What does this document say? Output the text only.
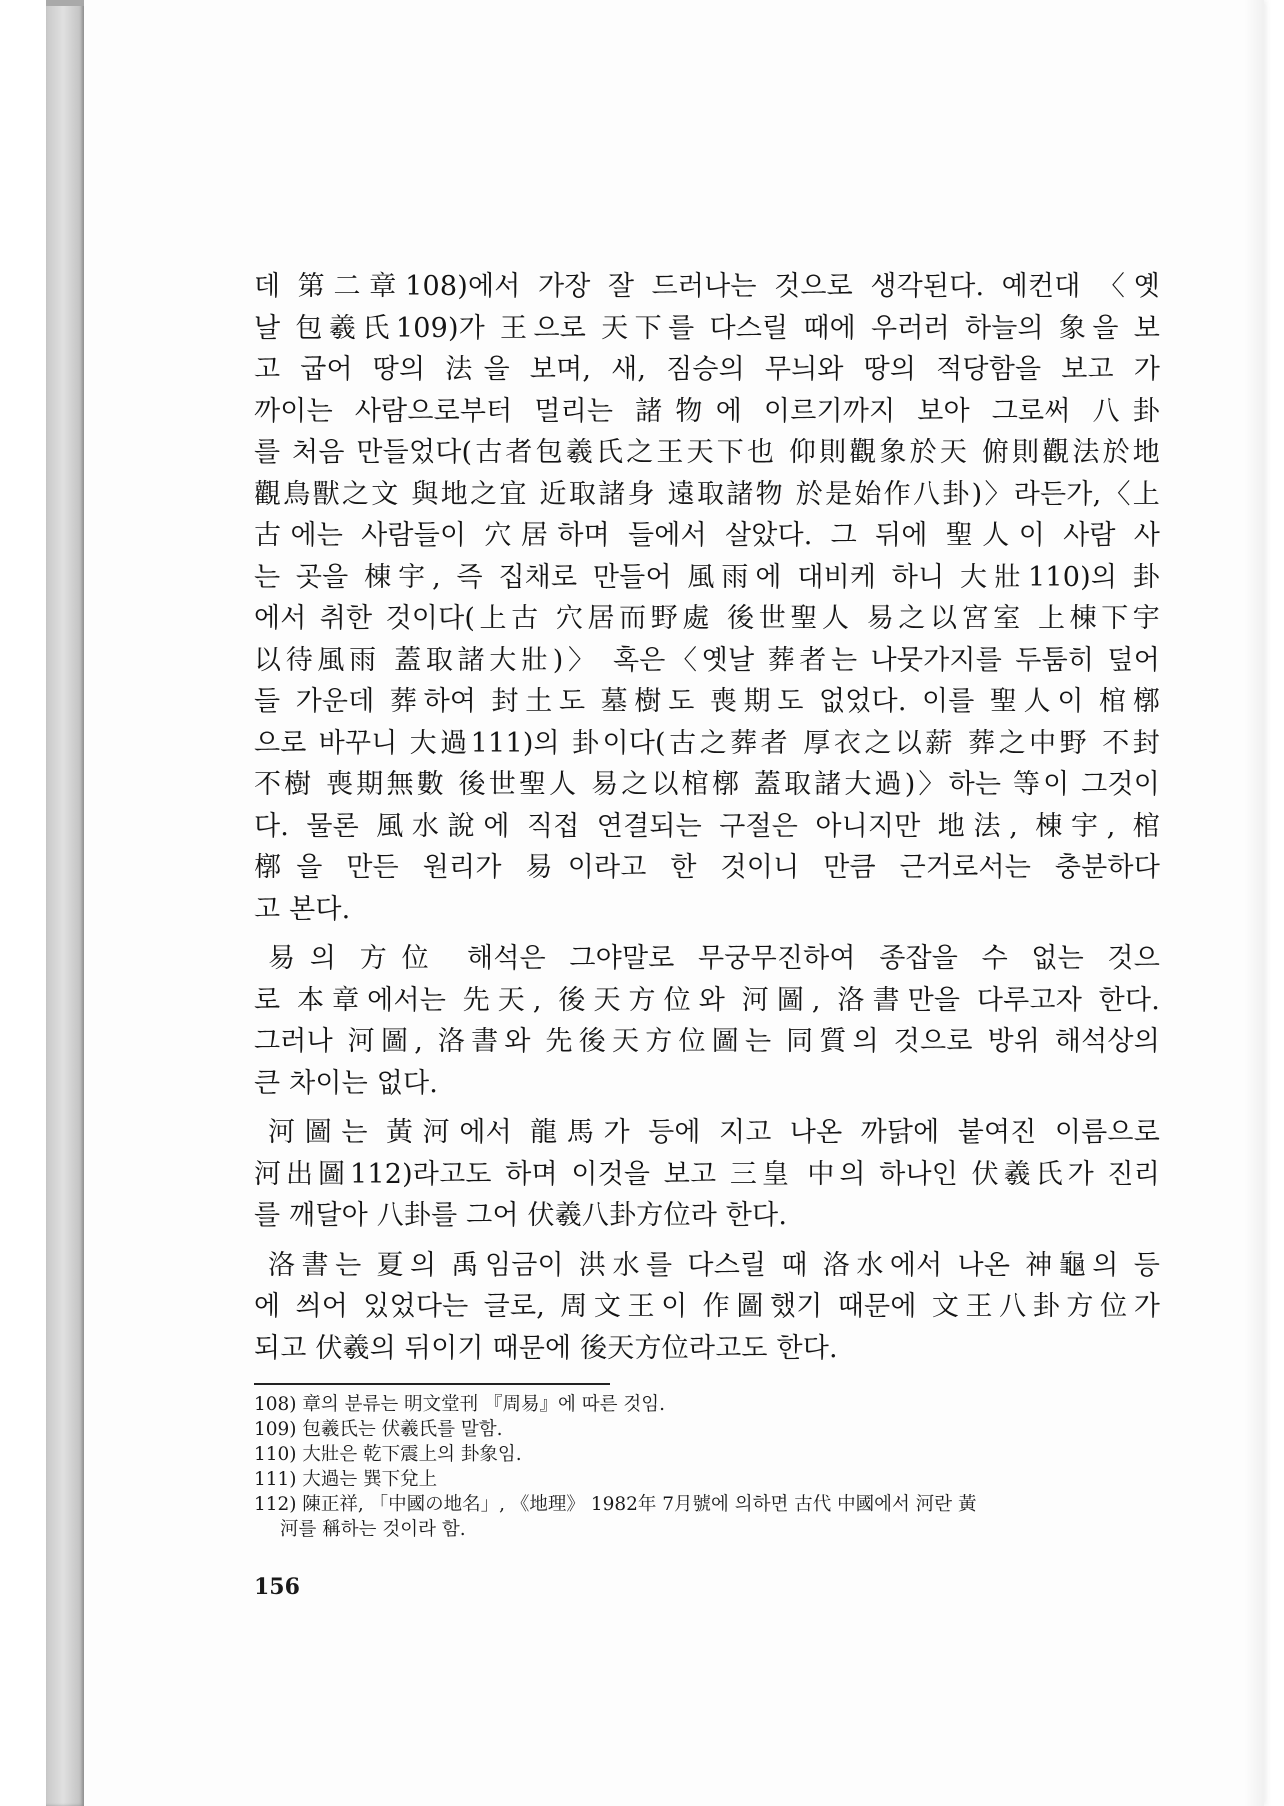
데 第二章108)에서 가장 잘 드러나는 것으로 생각된다. 예컨대 〈옛
날 包羲氏109)가 王으로 天下를 다스릴 때에 우러러 하늘의 象을 보
고 굽어 땅의 法을 보며, 새, 짐승의 무늬와 땅의 적당함을 보고 가
까이는 사람으로부터 멀리는 諸物에 이르기까지 보아 그로써 八卦
를 처음 만들었다(古者包羲氏之王天下也 仰則觀象於天 俯則觀法於地
觀鳥獸之文 與地之宜 近取諸身 遠取諸物 於是始作八卦)〉라든가,〈上
古에는 사람들이 穴居하며 들에서 살았다. 그 뒤에 聖人이 사람 사
는 곳을 棟宇, 즉 집채로 만들어 風雨에 대비케 하니 大壯110)의 卦
에서 취한 것이다(上古 穴居而野處 後世聖人 易之以宮室 上棟下宇
以待風雨 蓋取諸大壯)〉 혹은〈옛날 葬者는 나뭇가지를 두툼히 덮어
들 가운데 葬하여 封土도 墓樹도 喪期도 없었다. 이를 聖人이 棺槨
으로 바꾸니 大過111)의 卦이다(古之葬者 厚衣之以薪 葬之中野 不封
不樹 喪期無數 後世聖人 易之以棺槨 蓋取諸大過)〉하는 等이 그것이
다. 물론 風水說에 직접 연결되는 구절은 아니지만 地法, 棟宇, 棺
槨을 만든 원리가 易이라고 한 것이니 만큼 근거로서는 충분하다
고 본다.
易의 方位 해석은 그야말로 무궁무진하여 종잡을 수 없는 것으
로 本章에서는 先天, 後天方位와 河圖, 洛書만을 다루고자 한다.
그러나 河圖, 洛書와 先後天方位圖는 同質의 것으로 방위 해석상의
큰 차이는 없다.
河圖는 黃河에서 龍馬가 등에 지고 나온 까닭에 붙여진 이름으로
河出圖112)라고도 하며 이것을 보고 三皇 中의 하나인 伏羲氏가 진리
를 깨달아 八卦를 그어 伏羲八卦方位라 한다.
洛書는 夏의 禹임금이 洪水를 다스릴 때 洛水에서 나온 神龜의 등
에 씌어 있었다는 글로, 周文王이 作圖했기 때문에 文王八卦方位가
되고 伏羲의 뒤이기 때문에 後天方位라고도 한다.
108) 章의 분류는 明文堂刊 『周易』에 따른 것임.
109) 包羲氏는 伏羲氏를 말함.
110) 大壯은 乾下震上의 卦象임.
111) 大過는 巽下兌上
112) 陳正祥, 「中國の地名」, 《地理》 1982年 7月號에 의하면 古代 中國에서 河란 黃
河를 稱하는 것이라 함.
156
